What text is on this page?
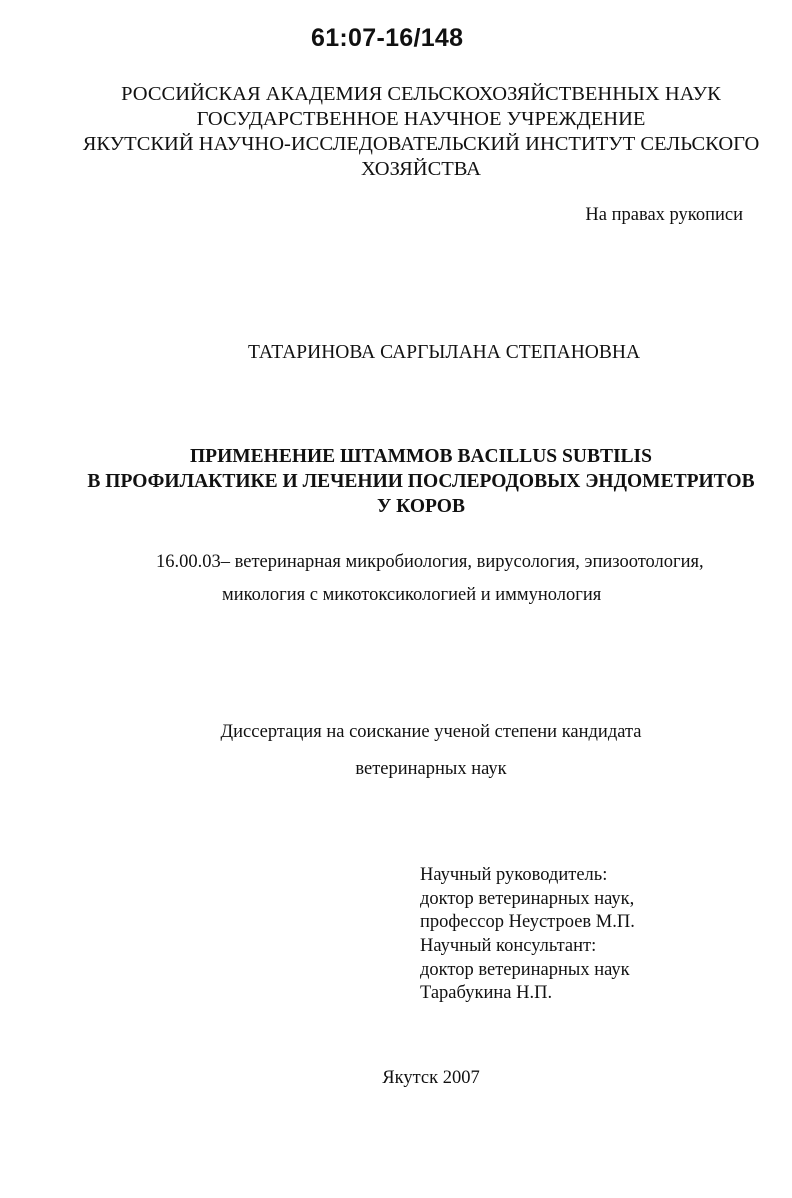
61:07-16/148
РОССИЙСКАЯ АКАДЕМИЯ СЕЛЬСКОХОЗЯЙСТВЕННЫХ НАУК
ГОСУДАРСТВЕННОЕ НАУЧНОЕ УЧРЕЖДЕНИЕ
ЯКУТСКИЙ НАУЧНО-ИССЛЕДОВАТЕЛЬСКИЙ ИНСТИТУТ СЕЛЬСКОГО
ХОЗЯЙСТВА
На правах рукописи
ТАТАРИНОВА САРГЫЛАНА СТЕПАНОВНА
ПРИМЕНЕНИЕ ШТАММОВ BACILLUS SUBTILIS
В ПРОФИЛАКТИКЕ И ЛЕЧЕНИИ ПОСЛЕРОДОВЫХ ЭНДОМЕТРИТОВ
У КОРОВ
16.00.03– ветеринарная микробиология, вирусология, эпизоотология,
микология с микотоксикологией и иммунология
Диссертация на соискание ученой степени кандидата
ветеринарных наук
Научный руководитель:
доктор ветеринарных наук,
профессор Неустроев М.П.
Научный консультант:
доктор ветеринарных наук
Тарабукина Н.П.
Якутск 2007
